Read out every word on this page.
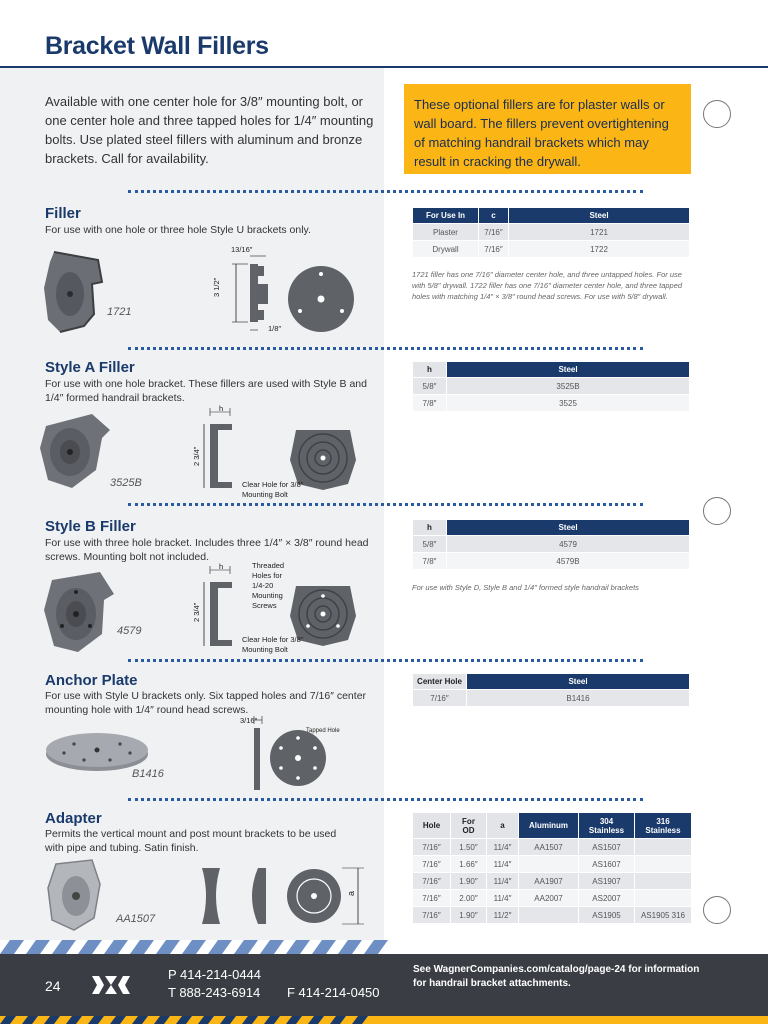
Bracket Wall Fillers

Available with one center hole for 3/8″ mounting bolt, or one center hole and three tapped holes for 1/4″ mounting bolts. Use plated steel fillers with aluminum and bronze brackets. Call for availability.

These optional fillers are for plaster walls or wall board. The fillers prevent overtightening of matching handrail brackets which may result in cracking the drywall.
Filler

For use with one hole or three hole Style U brackets only.

1721
13/16″
3 1/2″
1/8″
For Use In	c	Steel
Plaster	7/16″	1721
Drywall	7/16″	1722

1721 filler has one 7/16″ diameter center hole, and three untapped holes. For use with 5/8″ drywall. 1722 filler has one 7/16″ diameter center hole, and three tapped holes with matching 1/4″ × 3/8″ round head screws. For use with 5/8″ drywall.

Style A Filler

For use with one hole bracket. These fillers are used with Style B and 1/4″ formed handrail brackets.

3525B
h
2 3/4″
Clear Hole for 3/8″ Mounting Bolt
h	Steel
5/8″	3525B
7/8″	3525
Style B Filler

For use with three hole bracket. Includes three 1/4″ × 3/8″ round head screws. Mounting bolt not included.

4579
h
2 3/4″
Threaded Holes for 1/4-20 Mounting Screws
Clear Hole for 3/8″ Mounting Bolt
h	Steel
5/8″	4579
7/8″	4579B

For use with Style D, Style B and 1/4″ formed style handrail brackets

Anchor Plate

For use with Style U brackets only. Six tapped holes and 7/16″ center mounting hole with 1/4″ round head screws.

B1416
3/16″
Tapped Hole
Center Hole	Steel
7/16″	B1416
Adapter

Permits the vertical mount and post mount brackets to be used with pipe and tubing. Satin finish.

AA1507
a
Hole	For OD	a	Aluminum	304 Stainless	316 Stainless
7/16″	1.50″	11/4″	AA1507	AS1507	
7/16″	1.66″	11/4″		AS1607	
7/16″	1.90″	11/4″	AA1907	AS1907	
7/16″	2.00″	11/4″	AA2007	AS2007	
7/16″	1.90″	11/2″		AS1905	AS1905 316
24
P 414-214-0444
T 888-243-6914 F 414-214-0450
See WagnerCompanies.com/catalog/page-24 for information for handrail bracket attachments.
